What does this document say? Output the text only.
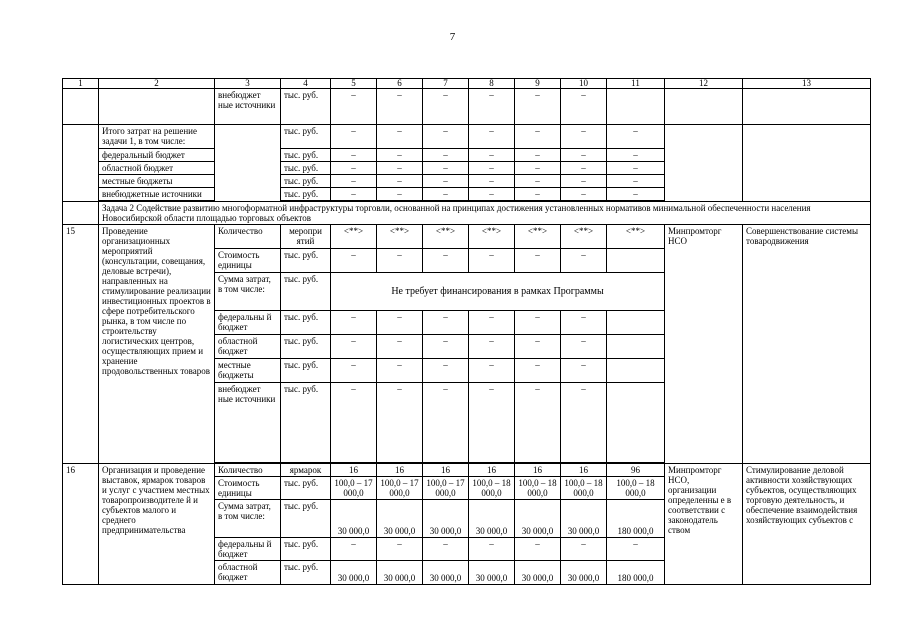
7
1	2	3	4	5	6	7	8	9	10	11	12	13
		внебюджет ные источники	тыс. руб.	–	–	–	–	–	–			
	Итого затрат на решение задачи 1, в том числе:		тыс. руб.	–	–	–	–	–	–	–		
	федеральный бюджет		тыс. руб.	–	–	–	–	–	–	–		
	областной бюджет		тыс. руб.	–	–	–	–	–	–	–		
	местные бюджеты		тыс. руб.	–	–	–	–	–	–	–		
	внебюджетные источники		тыс. руб.	–	–	–	–	–	–	–		

	Задача 2 Содействие развитию многоформатной инфраструктуры торговли, основанной на принципах достижения установленных нормативов минимальной обеспеченности населения Новосибирской области площадью торговых объектов											
15	Проведение организационных мероприятий (консультации, совещания, деловые встречи), направленных на стимулирование реализации инвестиционных проектов в сфере потребительского рынка, в том числе по строительству логистических центров, осуществляющих прием и хранение продовольственных товаров	Количество	меропри ятий	<**>	<**>	<**>	<**>	<**>	<**>	<**>	Минпромторг НСО	Совершенствование системы товародвижения
		Стоимость единицы	тыс. руб.	–	–	–	–	–	–			
		Сумма затрат, в том числе:	тыс. руб.	Не требует финансирования в рамках Программы								
		федеральны й бюджет	тыс. руб.	–	–	–	–	–	–			
		областной бюджет	тыс. руб.	–	–	–	–	–	–			
		местные бюджеты	тыс. руб.	–	–	–	–	–	–			
		внебюджет ные источники	тыс. руб.	–	–	–	–	–	–			

16	Организация и проведение выставок, ярмарок товаров и услуг с участием местных товаропроизводителе й и субъектов малого и среднего предпринимательства	Количество	ярмарок	16	16	16	16	16	16	96	Минпромторг НСО, организации определенны е в соответствии с законодатель ством	Стимулирование деловой активности хозяйствующих субъектов, осуществляющих торговую деятельность, и обеспечение взаимодействия хозяйствующих субъектов с
		Стоимость единицы	тыс. руб.	100,0 – 17 000,0	100,0 – 17 000,0	100,0 – 17 000,0	100,0 – 18 000,0	100,0 – 18 000,0	100,0 – 18 000,0	100,0 – 18 000,0		
		Сумма затрат, в том числе:	тыс. руб.	30 000,0	30 000,0	30 000,0	30 000,0	30 000,0	30 000,0	180 000,0		
		федеральны й бюджет	тыс. руб.	–	–	–	–	–	–	–		
		областной бюджет	тыс. руб.	30 000,0	30 000,0	30 000,0	30 000,0	30 000,0	30 000,0	180 000,0		
